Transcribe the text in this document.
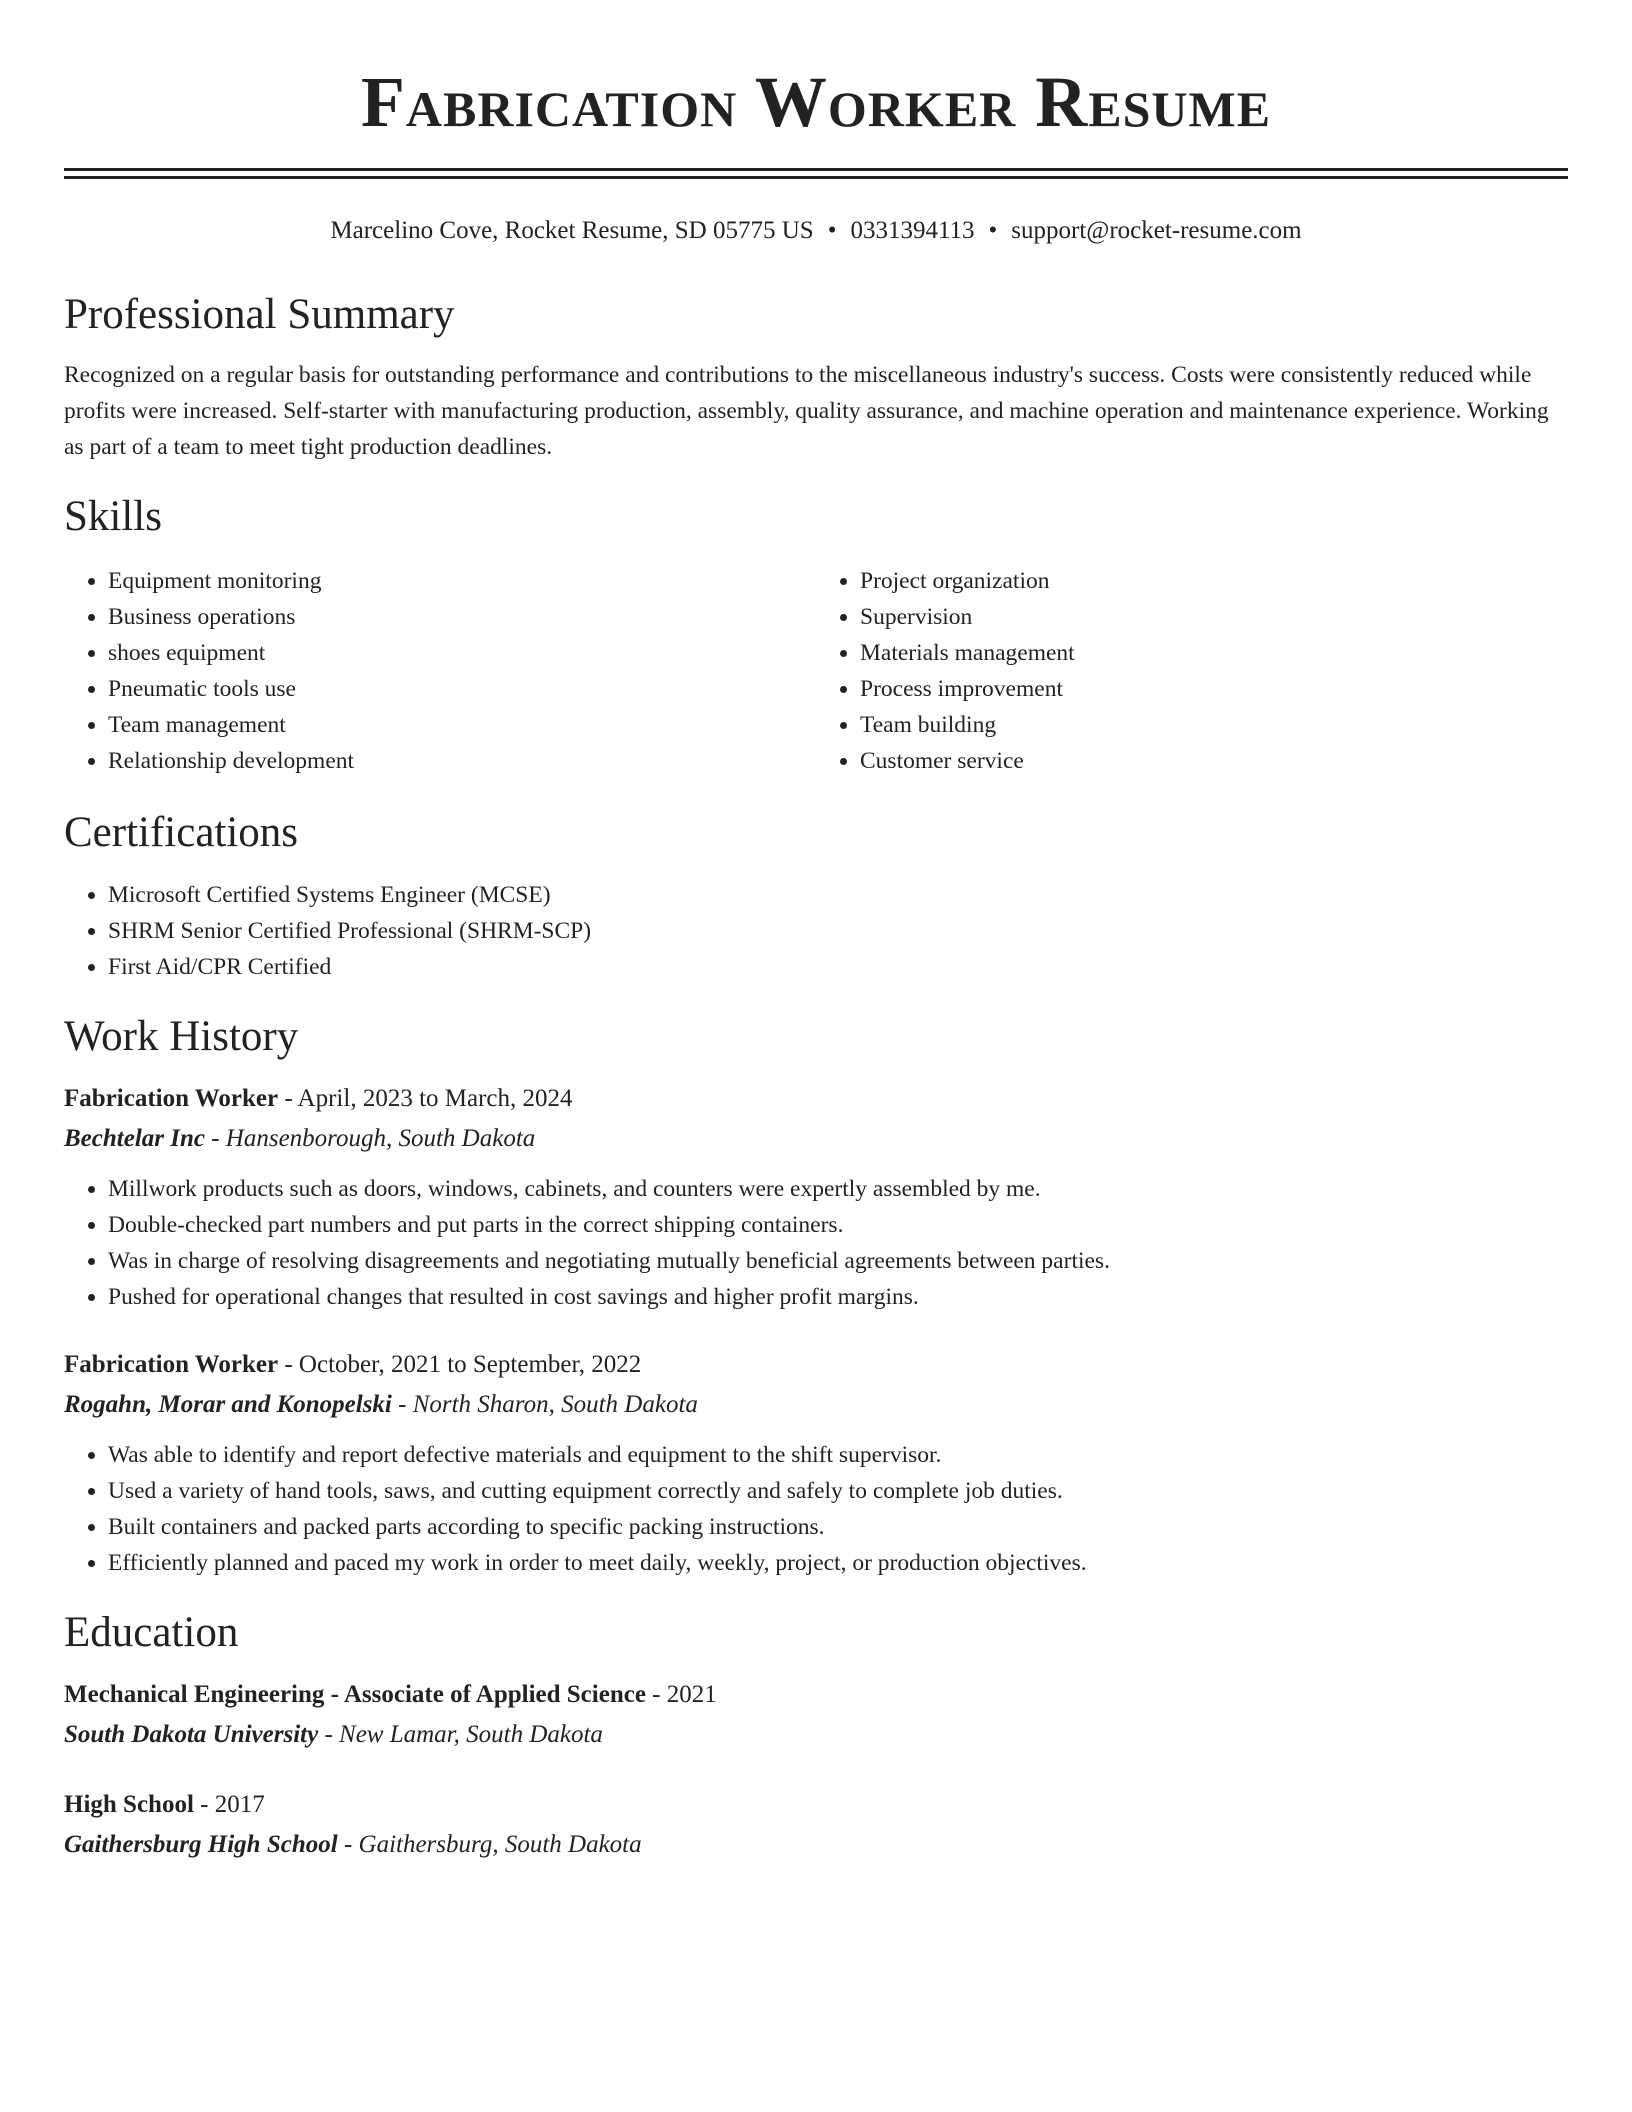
Fabrication Worker Resume
Marcelino Cove, Rocket Resume, SD 05775 US • 0331394113 • support@rocket-resume.com
Professional Summary
Recognized on a regular basis for outstanding performance and contributions to the miscellaneous industry's success. Costs were consistently reduced while profits were increased. Self-starter with manufacturing production, assembly, quality assurance, and machine operation and maintenance experience. Working as part of a team to meet tight production deadlines.
Skills
• Equipment monitoring
• Business operations
• shoes equipment
• Pneumatic tools use
• Team management
• Relationship development
• Project organization
• Supervision
• Materials management
• Process improvement
• Team building
• Customer service
Certifications
• Microsoft Certified Systems Engineer (MCSE)
• SHRM Senior Certified Professional (SHRM-SCP)
• First Aid/CPR Certified
Work History
Fabrication Worker - April, 2023 to March, 2024
Bechtelar Inc - Hansenborough, South Dakota
• Millwork products such as doors, windows, cabinets, and counters were expertly assembled by me.
• Double-checked part numbers and put parts in the correct shipping containers.
• Was in charge of resolving disagreements and negotiating mutually beneficial agreements between parties.
• Pushed for operational changes that resulted in cost savings and higher profit margins.
Fabrication Worker - October, 2021 to September, 2022
Rogahn, Morar and Konopelski - North Sharon, South Dakota
• Was able to identify and report defective materials and equipment to the shift supervisor.
• Used a variety of hand tools, saws, and cutting equipment correctly and safely to complete job duties.
• Built containers and packed parts according to specific packing instructions.
• Efficiently planned and paced my work in order to meet daily, weekly, project, or production objectives.
Education
Mechanical Engineering - Associate of Applied Science - 2021
South Dakota University - New Lamar, South Dakota
High School - 2017
Gaithersburg High School - Gaithersburg, South Dakota
